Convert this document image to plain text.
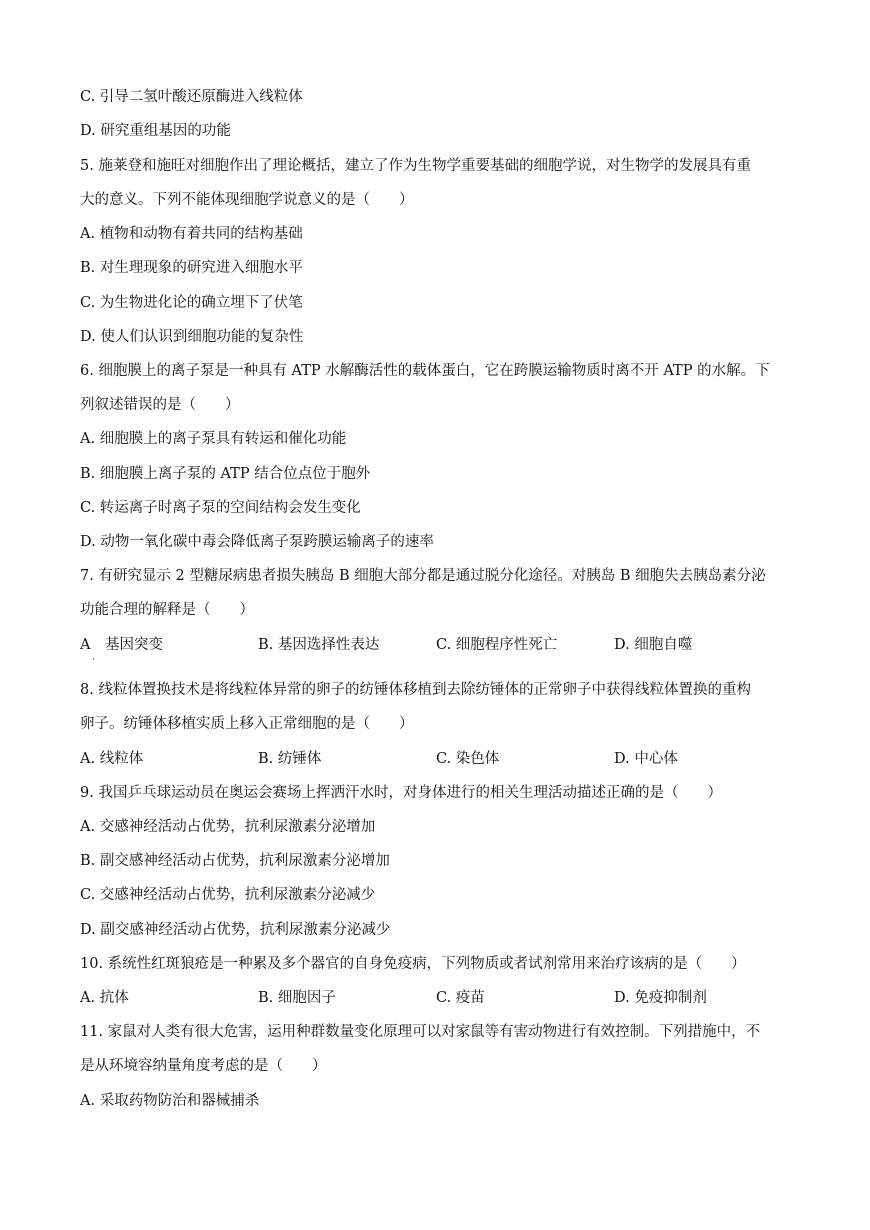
C. 引导二氢叶酸还原酶进入线粒体
D. 研究重组基因的功能
5. 施莱登和施旺对细胞作出了理论概括，建立了作为生物学重要基础的细胞学说，对生物学的发展具有重
大的意义。下列不能体现细胞学说意义的是（　　）
A. 植物和动物有着共同的结构基础
B. 对生理现象的研究进入细胞水平
C. 为生物进化论的确立埋下了伏笔
D. 使人们认识到细胞功能的复杂性
6. 细胞膜上的离子泵是一种具有 ATP 水解酶活性的载体蛋白，它在跨膜运输物质时离不开 ATP 的水解。下
列叙述错误的是（　　）
A. 细胞膜上的离子泵具有转运和催化功能
B. 细胞膜上离子泵的 ATP 结合位点位于胞外
C. 转运离子时离子泵的空间结构会发生变化
D. 动物一氧化碳中毒会降低离子泵跨膜运输离子的速率
7. 有研究显示 2 型糖尿病患者损失胰岛 B 细胞大部分都是通过脱分化途径。对胰岛 B 细胞失去胰岛素分泌
功能合理的解释是（　　）
A　基因突变
·
B. 基因选择性表达	C. 细胞程序性死亡	D. 细胞自噬
8. 线粒体置换技术是将线粒体异常的卵子的纺锤体移植到去除纺锤体的正常卵子中获得线粒体置换的重构
卵子。纺锤体移植实质上移入正常细胞的是（　　）
A. 线粒体	B. 纺锤体	C. 染色体	D. 中心体
9. 我国乒乓球运动员在奥运会赛场上挥洒汗水时，对身体进行的相关生理活动描述正确的是（　　）
A. 交感神经活动占优势，抗利尿激素分泌增加
B. 副交感神经活动占优势，抗利尿激素分泌增加
C. 交感神经活动占优势，抗利尿激素分泌减少
D. 副交感神经活动占优势，抗利尿激素分泌减少
10. 系统性红斑狼疮是一种累及多个器官的自身免疫病，下列物质或者试剂常用来治疗该病的是（　　）
A. 抗体	B. 细胞因子	C. 疫苗	D. 免疫抑制剂
11. 家鼠对人类有很大危害，运用种群数量变化原理可以对家鼠等有害动物进行有效控制。下列措施中，不
是从环境容纳量角度考虑的是（　　）
A. 采取药物防治和器械捕杀
